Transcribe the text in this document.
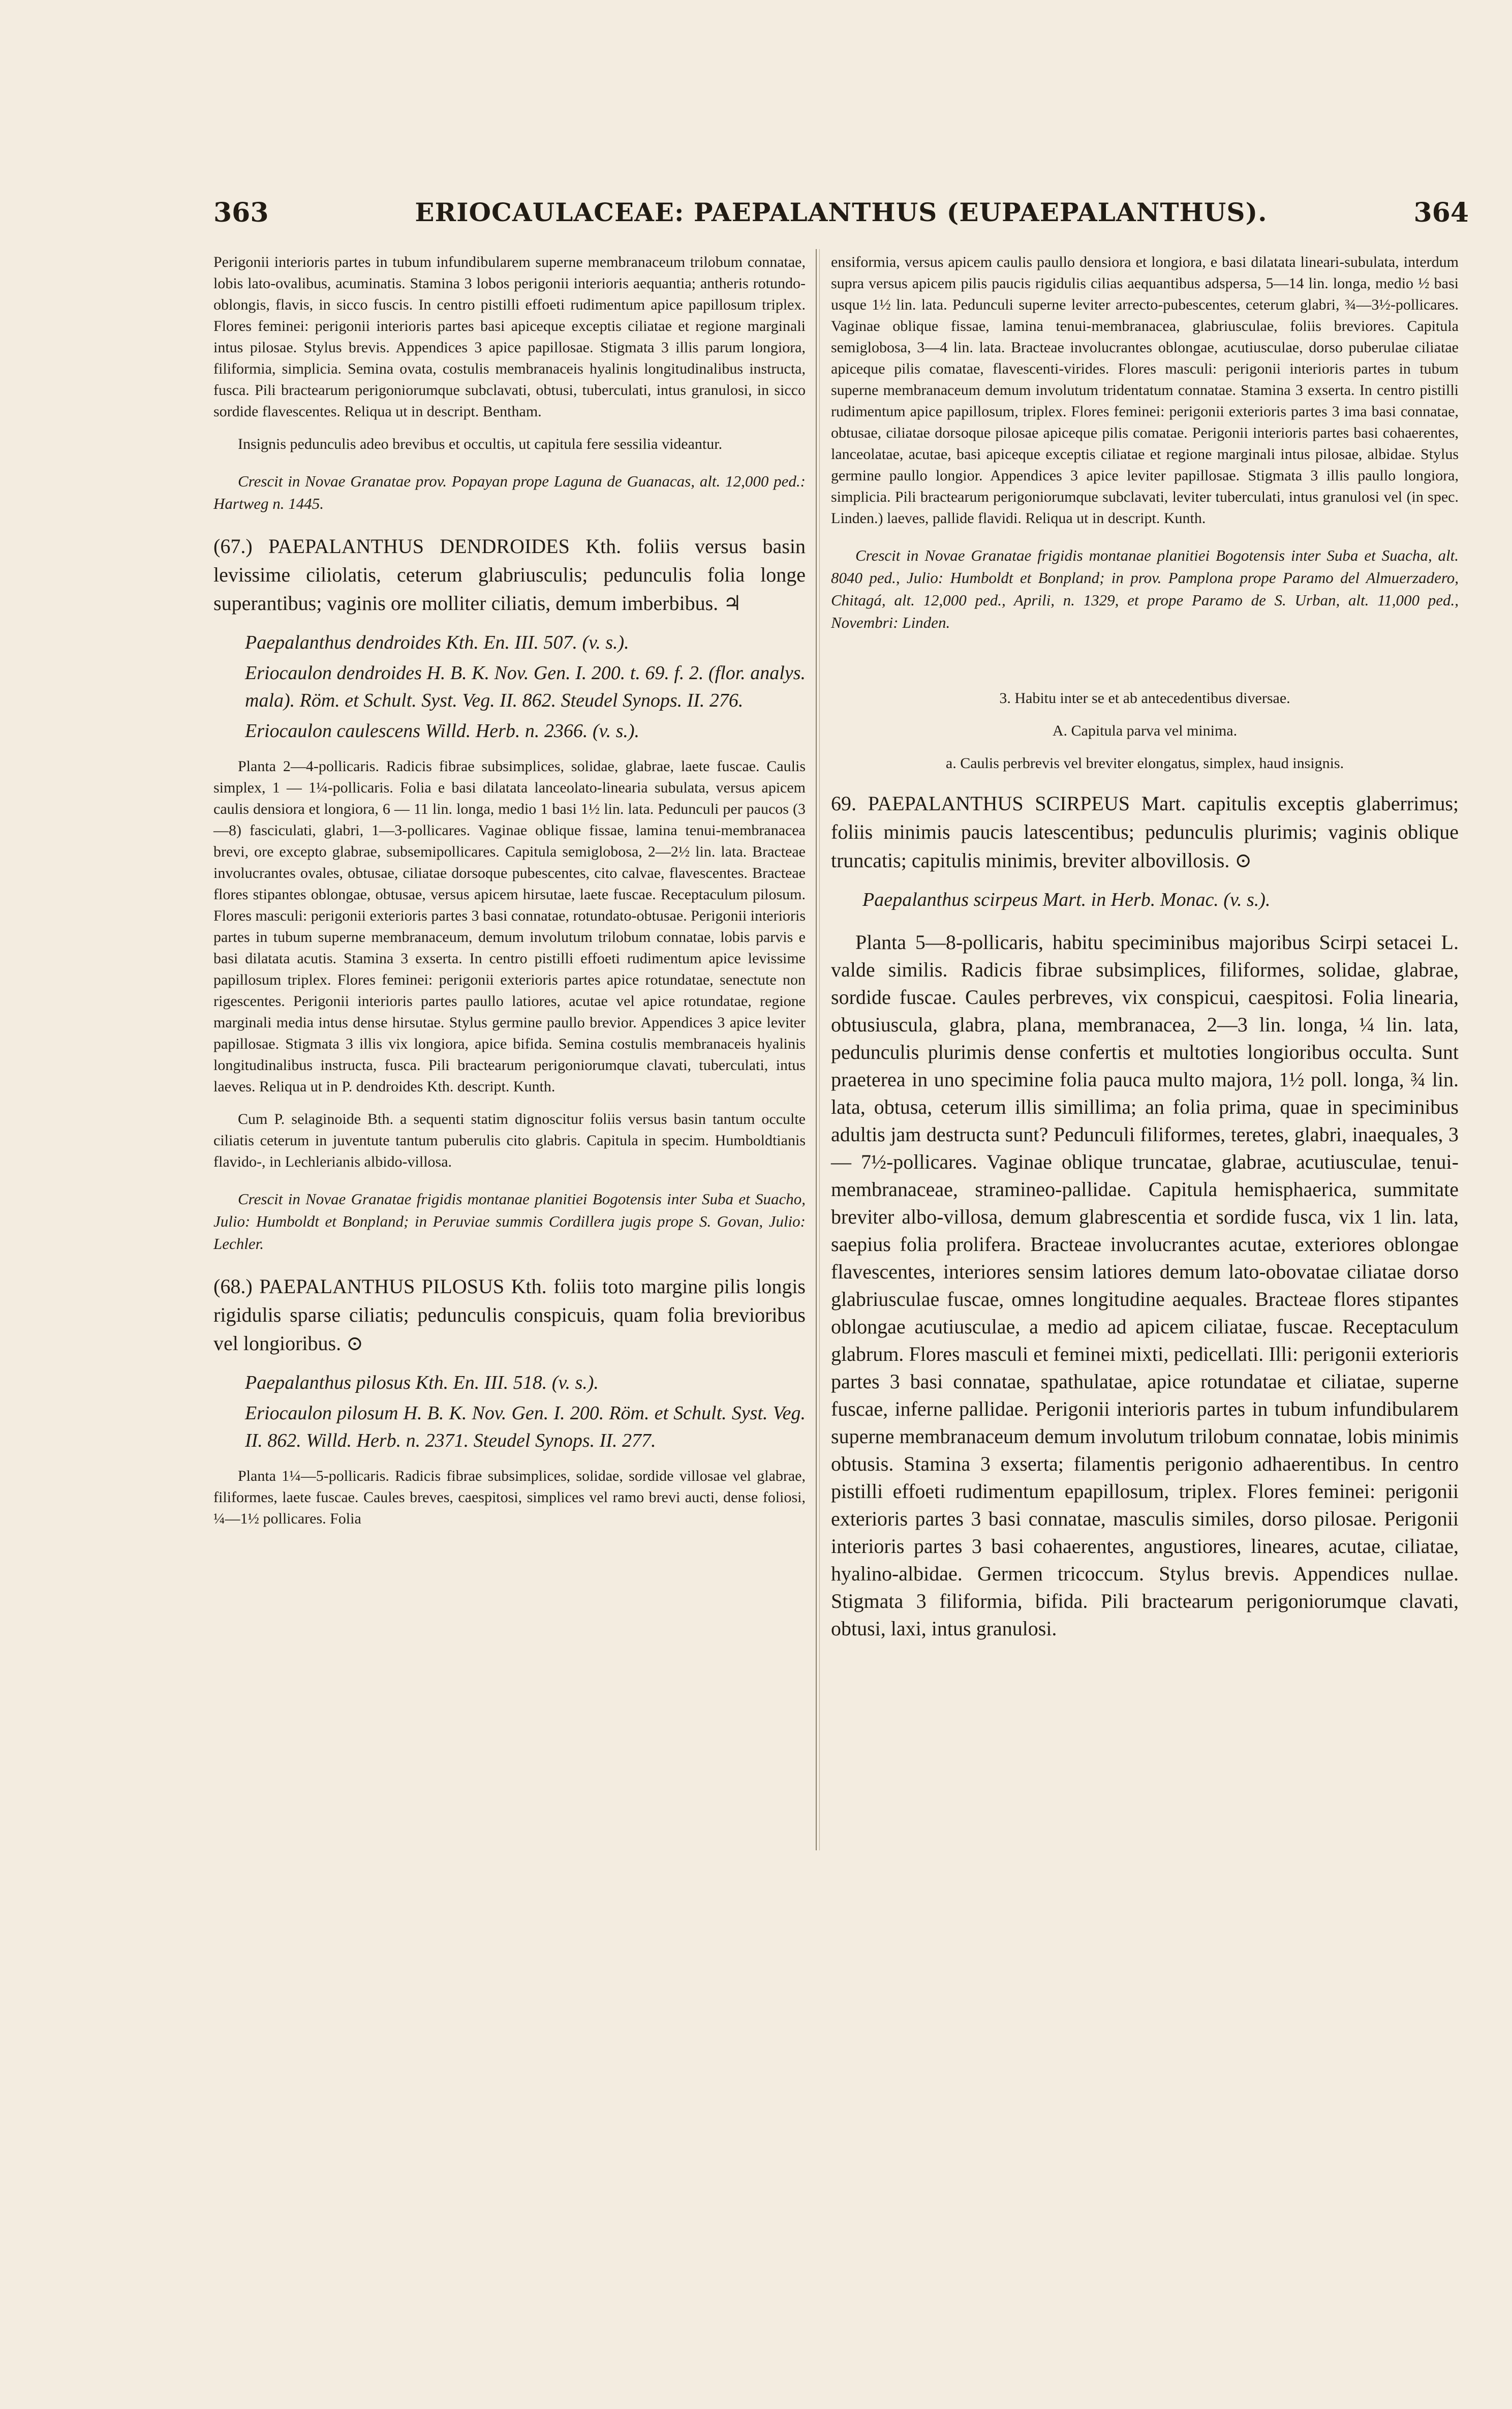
363	ERIOCAULACEAE: PAEPALANTHUS (EUPAEPALANTHUS).	364

Perigonii interioris partes in tubum infundibularem superne membranaceum trilobum connatae, lobis lato-ovalibus, acuminatis. Stamina 3 lobos perigonii interioris aequantia; antheris rotundo-oblongis, flavis, in sicco fuscis. In centro pistilli effoeti rudimentum apice papillosum triplex. Flores feminei: perigonii interioris partes basi apiceque exceptis ciliatae et regione marginali intus pilosae. Stylus brevis. Appendices 3 apice papillosae. Stigmata 3 illis parum longiora, filiformia, simplicia. Semina ovata, costulis membranaceis hyalinis longitudinalibus instructa, fusca. Pili bractearum perigoniorumque subclavati, obtusi, tuberculati, intus granulosi, in sicco sordide flavescentes. Reliqua ut in descript. Bentham.

Insignis pedunculis adeo brevibus et occultis, ut capitula fere sessilia videantur.

Crescit in Novae Granatae prov. Popayan prope Laguna de Guanacas, alt. 12,000 ped.: Hartweg n. 1445.

(67.) PAEPALANTHUS DENDROIDES Kth. foliis versus basin levissime ciliolatis, ceterum glabriusculis; pedunculis folia longe superantibus; vaginis ore molliter ciliatis, demum imberbibus. ♃

Paepalanthus dendroides Kth. En. III. 507. (v. s.).

Eriocaulon dendroides H. B. K. Nov. Gen. I. 200. t. 69. f. 2. (flor. analys. mala). Röm. et Schult. Syst. Veg. II. 862. Steudel Synops. II. 276.

Eriocaulon caulescens Willd. Herb. n. 2366. (v. s.).

Planta 2—4-pollicaris. Radicis fibrae subsimplices, solidae, glabrae, laete fuscae. Caulis simplex, 1 — 1¼-pollicaris. Folia e basi dilatata lanceolato-linearia subulata, versus apicem caulis densiora et longiora, 6 — 11 lin. longa, medio 1 basi 1½ lin. lata. Pedunculi per paucos (3—8) fasciculati, glabri, 1—3-pollicares. Vaginae oblique fissae, lamina tenui-membranacea brevi, ore excepto glabrae, subsemipollicares. Capitula semiglobosa, 2—2½ lin. lata. Bracteae involucrantes ovales, obtusae, ciliatae dorsoque pubescentes, cito calvae, flavescentes. Bracteae flores stipantes oblongae, obtusae, versus apicem hirsutae, laete fuscae. Receptaculum pilosum. Flores masculi: perigonii exterioris partes 3 basi connatae, rotundato-obtusae. Perigonii interioris partes in tubum superne membranaceum, demum involutum trilobum connatae, lobis parvis e basi dilatata acutis. Stamina 3 exserta. In centro pistilli effoeti rudimentum apice levissime papillosum triplex. Flores feminei: perigonii exterioris partes apice rotundatae, senectute non rigescentes. Perigonii interioris partes paullo latiores, acutae vel apice rotundatae, regione marginali media intus dense hirsutae. Stylus germine paullo brevior. Appendices 3 apice leviter papillosae. Stigmata 3 illis vix longiora, apice bifida. Semina costulis membranaceis hyalinis longitudinalibus instructa, fusca. Pili bractearum perigoniorumque clavati, tuberculati, intus laeves. Reliqua ut in P. dendroides Kth. descript. Kunth.

Cum P. selaginoide Bth. a sequenti statim dignoscitur foliis versus basin tantum occulte ciliatis ceterum in juventute tantum puberulis cito glabris. Capitula in specim. Humboldtianis flavido-, in Lechlerianis albido-villosa.

Crescit in Novae Granatae frigidis montanae planitiei Bogotensis inter Suba et Suacho, Julio: Humboldt et Bonpland; in Peruviae summis Cordillera jugis prope S. Govan, Julio: Lechler.

(68.) PAEPALANTHUS PILOSUS Kth. foliis toto margine pilis longis rigidulis sparse ciliatis; pedunculis conspicuis, quam folia brevioribus vel longioribus. ⊙

Paepalanthus pilosus Kth. En. III. 518. (v. s.).

Eriocaulon pilosum H. B. K. Nov. Gen. I. 200. Röm. et Schult. Syst. Veg. II. 862. Willd. Herb. n. 2371. Steudel Synops. II. 277.

Planta 1¼—5-pollicaris. Radicis fibrae subsimplices, solidae, sordide villosae vel glabrae, filiformes, laete fuscae. Caules breves, caespitosi, simplices vel ramo brevi aucti, dense foliosi, ¼—1½ pollicares. Folia

ensiformia, versus apicem caulis paullo densiora et longiora, e basi dilatata lineari-subulata, interdum supra versus apicem pilis paucis rigidulis cilias aequantibus adspersa, 5—14 lin. longa, medio ½ basi usque 1½ lin. lata. Pedunculi superne leviter arrecto-pubescentes, ceterum glabri, ¾—3½-pollicares. Vaginae oblique fissae, lamina tenui-membranacea, glabriusculae, foliis breviores. Capitula semiglobosa, 3—4 lin. lata. Bracteae involucrantes oblongae, acutiusculae, dorso puberulae ciliatae apiceque pilis comatae, flavescenti-virides. Flores masculi: perigonii interioris partes in tubum superne membranaceum demum involutum tridentatum connatae. Stamina 3 exserta. In centro pistilli rudimentum apice papillosum, triplex. Flores feminei: perigonii exterioris partes 3 ima basi connatae, obtusae, ciliatae dorsoque pilosae apiceque pilis comatae. Perigonii interioris partes basi cohaerentes, lanceolatae, acutae, basi apiceque exceptis ciliatae et regione marginali intus pilosae, albidae. Stylus germine paullo longior. Appendices 3 apice leviter papillosae. Stigmata 3 illis paullo longiora, simplicia. Pili bractearum perigoniorumque subclavati, leviter tuberculati, intus granulosi vel (in spec. Linden.) laeves, pallide flavidi. Reliqua ut in descript. Kunth.

Crescit in Novae Granatae frigidis montanae planitiei Bogotensis inter Suba et Suacha, alt. 8040 ped., Julio: Humboldt et Bonpland; in prov. Pamplona prope Paramo del Almuerzadero, Chitagá, alt. 12,000 ped., Aprili, n. 1329, et prope Paramo de S. Urban, alt. 11,000 ped., Novembri: Linden.

3. Habitu inter se et ab antecedentibus diversae.

A. Capitula parva vel minima.

a. Caulis perbrevis vel breviter elongatus, simplex, haud insignis.

69. PAEPALANTHUS SCIRPEUS Mart. capitulis exceptis glaberrimus; foliis minimis paucis latescentibus; pedunculis plurimis; vaginis oblique truncatis; capitulis minimis, breviter albovillosis. ⊙

Paepalanthus scirpeus Mart. in Herb. Monac. (v. s.).

Planta 5—8-pollicaris, habitu speciminibus majoribus Scirpi setacei L. valde similis. Radicis fibrae subsimplices, filiformes, solidae, glabrae, sordide fuscae. Caules perbreves, vix conspicui, caespitosi. Folia linearia, obtusiuscula, glabra, plana, membranacea, 2—3 lin. longa, ¼ lin. lata, pedunculis plurimis dense confertis et multoties longioribus occulta. Sunt praeterea in uno specimine folia pauca multo majora, 1½ poll. longa, ¾ lin. lata, obtusa, ceterum illis simillima; an folia prima, quae in speciminibus adultis jam destructa sunt? Pedunculi filiformes, teretes, glabri, inaequales, 3 — 7½-pollicares. Vaginae oblique truncatae, glabrae, acutiusculae, tenui-membranaceae, stramineo-pallidae. Capitula hemisphaerica, summitate breviter albo-villosa, demum glabrescentia et sordide fusca, vix 1 lin. lata, saepius folia prolifera. Bracteae involucrantes acutae, exteriores oblongae flavescentes, interiores sensim latiores demum lato-obovatae ciliatae dorso glabriusculae fuscae, omnes longitudine aequales. Bracteae flores stipantes oblongae acutiusculae, a medio ad apicem ciliatae, fuscae. Receptaculum glabrum. Flores masculi et feminei mixti, pedicellati. Illi: perigonii exterioris partes 3 basi connatae, spathulatae, apice rotundatae et ciliatae, superne fuscae, inferne pallidae. Perigonii interioris partes in tubum infundibularem superne membranaceum demum involutum trilobum connatae, lobis minimis obtusis. Stamina 3 exserta; filamentis perigonio adhaerentibus. In centro pistilli effoeti rudimentum epapillosum, triplex. Flores feminei: perigonii exterioris partes 3 basi connatae, masculis similes, dorso pilosae. Perigonii interioris partes 3 basi cohaerentes, angustiores, lineares, acutae, ciliatae, hyalino-albidae. Germen tricoccum. Stylus brevis. Appendices nullae. Stigmata 3 filiformia, bifida. Pili bractearum perigoniorumque clavati, obtusi, laxi, intus granulosi.
